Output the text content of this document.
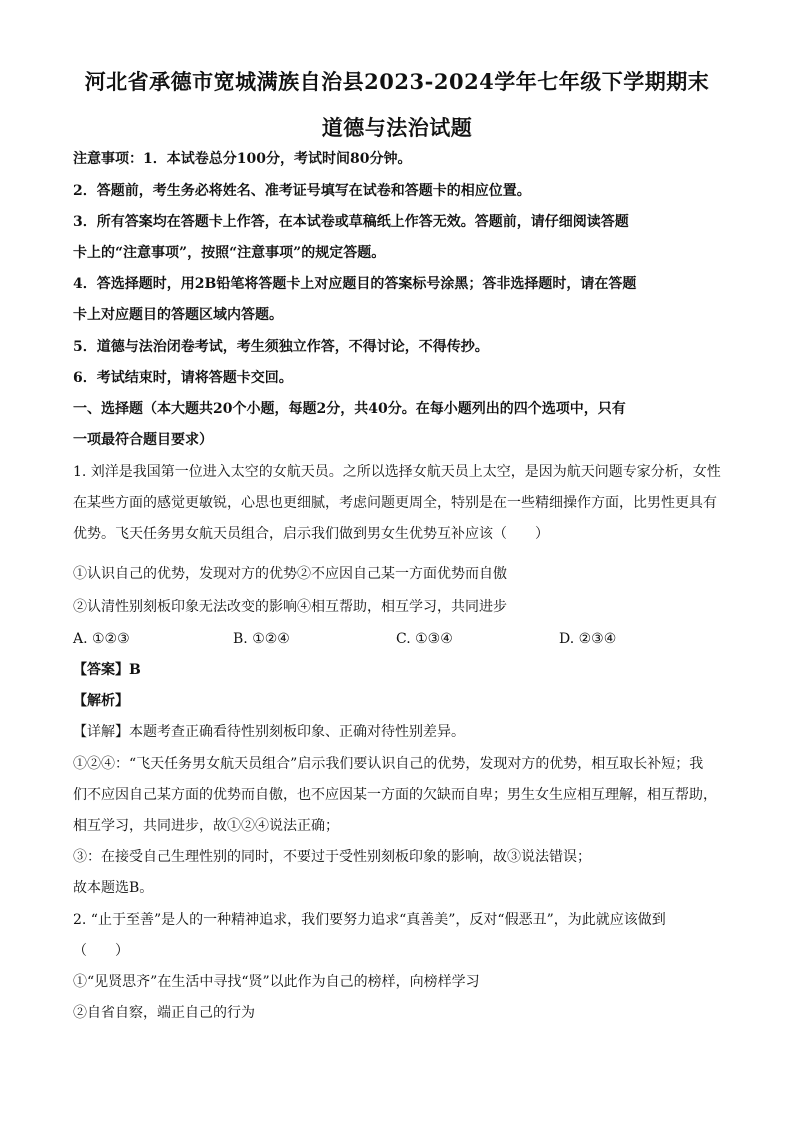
河北省承德市宽城满族自治县2023-2024学年七年级下学期期末
道德与法治试题
注意事项：1．本试卷总分100分，考试时间80分钟。
2．答题前，考生务必将姓名、准考证号填写在试卷和答题卡的相应位置。
3．所有答案均在答题卡上作答，在本试卷或草稿纸上作答无效。答题前，请仔细阅读答题
卡上的“注意事项”，按照“注意事项”的规定答题。
4．答选择题时，用2B铅笔将答题卡上对应题目的答案标号涂黑；答非选择题时，请在答题
卡上对应题目的答题区域内答题。
5．道德与法治闭卷考试，考生须独立作答，不得讨论，不得传抄。
6．考试结束时，请将答题卡交回。
一、选择题（本大题共20个小题，每题2分，共40分。在每小题列出的四个选项中，只有
一项最符合题目要求）
1. 刘洋是我国第一位进入太空的女航天员。之所以选择女航天员上太空，是因为航天问题专家分析，女性
在某些方面的感觉更敏锐，心思也更细腻，考虑问题更周全，特别是在一些精细操作方面，比男性更具有
优势。飞天任务男女航天员组合，启示我们做到男女生优势互补应该（　　）
①认识自己的优势，发现对方的优势②不应因自己某一方面优势而自傲
②认清性别刻板印象无法改变的影响④相互帮助，相互学习，共同进步
A. ①②③	B. ①②④	C. ①③④	D. ②③④
【答案】B
【解析】
【详解】本题考查正确看待性别刻板印象、正确对待性别差异。
①②④：“飞天任务男女航天员组合”启示我们要认识自己的优势，发现对方的优势，相互取长补短；我
们不应因自己某方面的优势而自傲，也不应因某一方面的欠缺而自卑；男生女生应相互理解，相互帮助，
相互学习，共同进步，故①②④说法正确；
③：在接受自己生理性别的同时，不要过于受性别刻板印象的影响，故③说法错误；
故本题选B。
2. “止于至善”是人的一种精神追求，我们要努力追求“真善美”，反对“假恶丑”，为此就应该做到
（　　）
①“见贤思齐”在生活中寻找“贤”以此作为自己的榜样，向榜样学习
②自省自察，端正自己的行为
